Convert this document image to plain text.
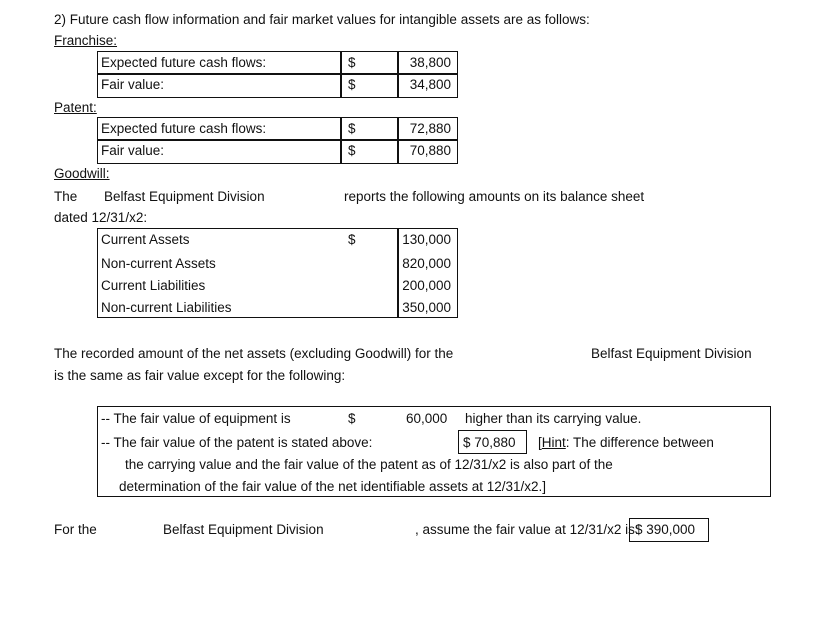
2) Future cash flow information and fair market values for intangible assets are as follows:
Franchise:
Expected future cash flows:	$	38,800
Fair value:	$	34,800
Patent:
Expected future cash flows:	$	72,880
Fair value:	$	70,880
Goodwill:
The Belfast Equipment Division	reports the following amounts on its balance sheet
dated 12/31/x2:
Current Assets	$	130,000
Non-current Assets	820,000
Current Liabilities	200,000
Non-current Liabilities	350,000
The recorded amount of the net assets (excluding Goodwill) for the	Belfast Equipment Division
is the same as fair value except for the following:
-- The fair value of equipment is	$	60,000 higher than its carrying value.
-- The fair value of the patent is stated above:	$ 70,880 [Hint: The difference between
the carrying value and the fair value of the patent as of 12/31/x2 is also part of the
determination of the fair value of the net identifiable assets at 12/31/x2.]
For the	Belfast Equipment Division	, assume the fair value at 12/31/x2 is:
$ 390,000
